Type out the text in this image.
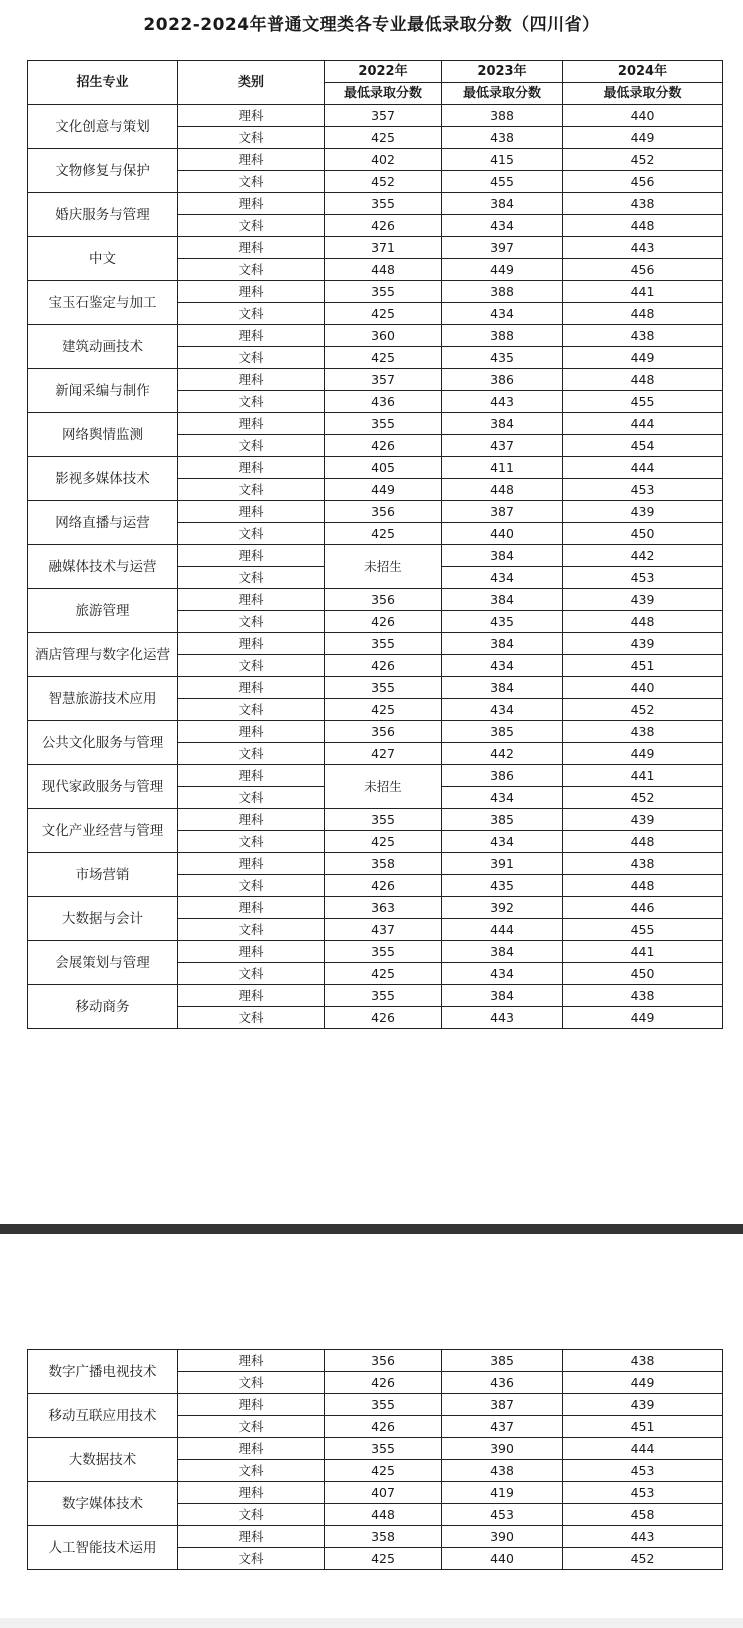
2022-2024年普通文理类各专业最低录取分数（四川省）
招生专业	类别	2022年	2023年	2024年
		最低录取分数	最低录取分数	最低录取分数
文化创意与策划	理科	357	388	440
	文科	425	438	449
文物修复与保护	理科	402	415	452
	文科	452	455	456
婚庆服务与管理	理科	355	384	438
	文科	426	434	448
中文	理科	371	397	443
	文科	448	449	456
宝玉石鉴定与加工	理科	355	388	441
	文科	425	434	448
建筑动画技术	理科	360	388	438
	文科	425	435	449
新闻采编与制作	理科	357	386	448
	文科	436	443	455
网络舆情监测	理科	355	384	444
	文科	426	437	454
影视多媒体技术	理科	405	411	444
	文科	449	448	453
网络直播与运营	理科	356	387	439
	文科	425	440	450
融媒体技术与运营	理科	未招生	384	442
	文科		434	453
旅游管理	理科	356	384	439
	文科	426	435	448
酒店管理与数字化运营	理科	355	384	439
	文科	426	434	451
智慧旅游技术应用	理科	355	384	440
	文科	425	434	452
公共文化服务与管理	理科	356	385	438
	文科	427	442	449
现代家政服务与管理	理科	未招生	386	441
	文科		434	452
文化产业经营与管理	理科	355	385	439
	文科	425	434	448
市场营销	理科	358	391	438
	文科	426	435	448
大数据与会计	理科	363	392	446
	文科	437	444	455
会展策划与管理	理科	355	384	441
	文科	425	434	450
移动商务	理科	355	384	438
	文科	426	443	449
数字广播电视技术	理科	356	385	438
	文科	426	436	449
移动互联应用技术	理科	355	387	439
	文科	426	437	451
大数据技术	理科	355	390	444
	文科	425	438	453
数字媒体技术	理科	407	419	453
	文科	448	453	458
人工智能技术运用	理科	358	390	443
	文科	425	440	452
